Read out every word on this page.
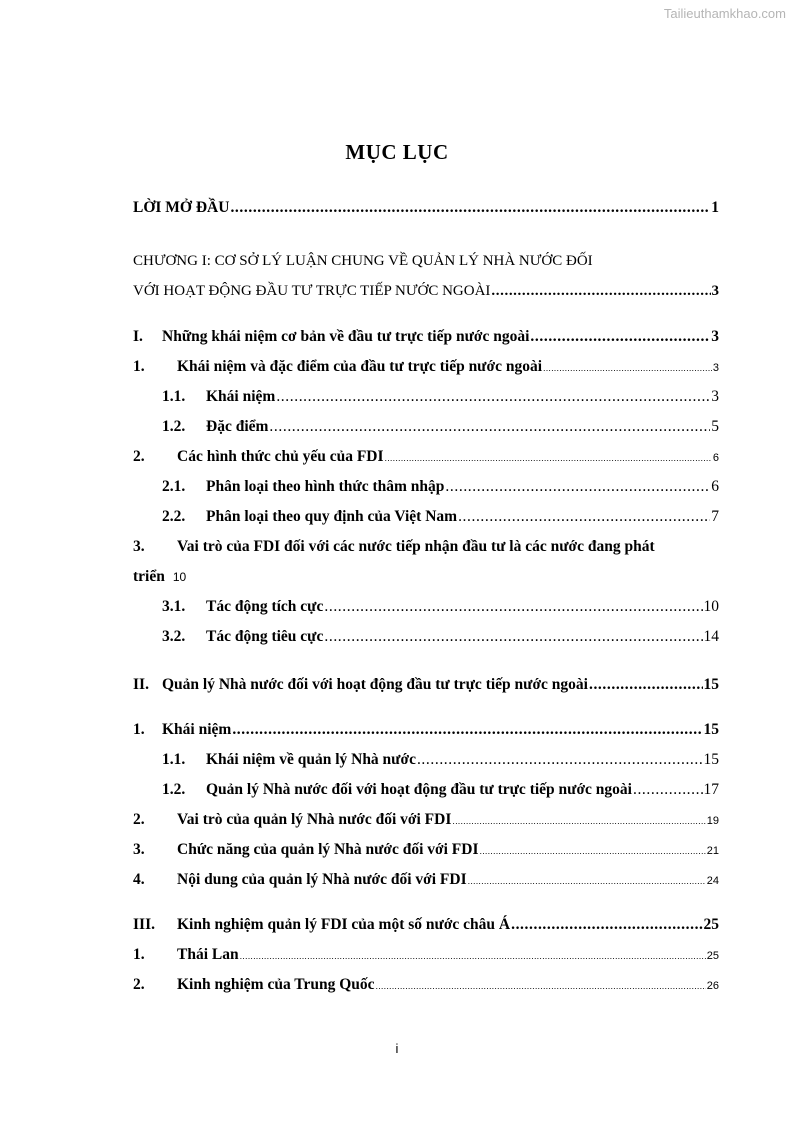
Tailieuthamkhao.com
MỤC LỤC
LỜI MỞ ĐẦU .....	1
CHƯƠNG I: CƠ SỞ LÝ LUẬN CHUNG VỀ QUẢN LÝ NHÀ NƯỚC ĐỐI
VỚI HOẠT ĐỘNG ĐẦU TƯ TRỰC TIẾP NƯỚC NGOÀI .....	3
I.	Những khái niệm cơ bản về đầu tư trực tiếp nước ngoài .....	3
1.	Khái niệm và đặc điểm của đầu tư trực tiếp nước ngoài .....	3
1.1.	Khái niệm .....	3
1.2.	Đặc điểm .....	5
2.	Các hình thức chủ yếu của FDI .....	6
2.1.	Phân loại theo hình thức thâm nhập .....	6
2.2.	Phân loại theo quy định của Việt Nam .....	7
3. Vai trò của FDI đối với các nước tiếp nhận đầu tư là các nước đang phát
triển 10
3.1.	Tác động tích cực .....	10
3.2.	Tác động tiêu cực .....	14
II. Quản lý Nhà nước đối với hoạt động đầu tư trực tiếp nước ngoài .....	15
1.	Khái niệm .....	15
1.1.	Khái niệm về quản lý Nhà nước .....	15
1.2.	Quản lý Nhà nước đối với hoạt động đầu tư trực tiếp nước ngoài .....	17
2.	Vai trò của quản lý Nhà nước đối với FDI .....	19
3.	Chức năng của quản lý Nhà nước đối với FDI .....	21
4.	Nội dung của quản lý Nhà nước đối với FDI .....	24
III.	Kinh nghiệm quản lý FDI của một số nước châu Á .....	25
1.	Thái Lan .....	25
2.	Kinh nghiệm của Trung Quốc .....	26
i
